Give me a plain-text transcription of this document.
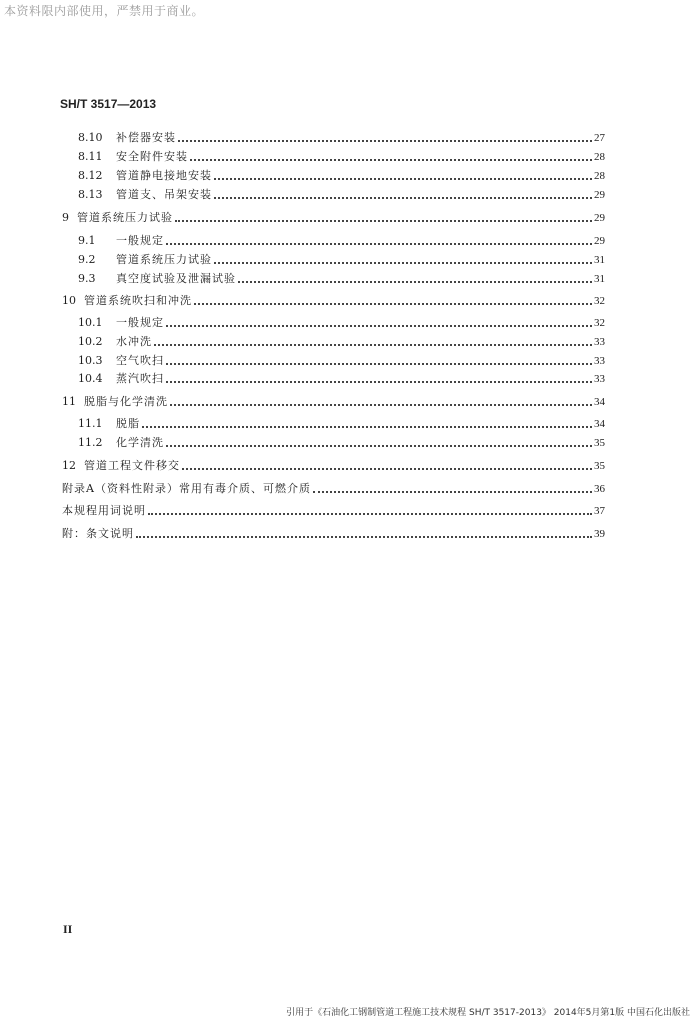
本资料限内部使用，严禁用于商业。
SH/T 3517—2013
8.10	补偿器安装	27
8.11	安全附件安装	28
8.12	管道静电接地安装	28
8.13	管道支、吊架安装	29
9 管道系统压力试验	29
9.1	一般规定	29
9.2	管道系统压力试验	31
9.3	真空度试验及泄漏试验	31
10 管道系统吹扫和冲洗	32
10.1	一般规定	32
10.2	水冲洗	33
10.3	空气吹扫	33
10.4	蒸汽吹扫	33
11 脱脂与化学清洗	34
11.1	脱脂	34
11.2	化学清洗	35
12 管道工程文件移交	35
附录A（资料性附录）常用有毒介质、可燃介质	36
本规程用词说明	37
附：条文说明	39
II
引用于《石油化工钢制管道工程施工技术规程 SH/T 3517-2013》 2014年5月第1版 中国石化出版社
